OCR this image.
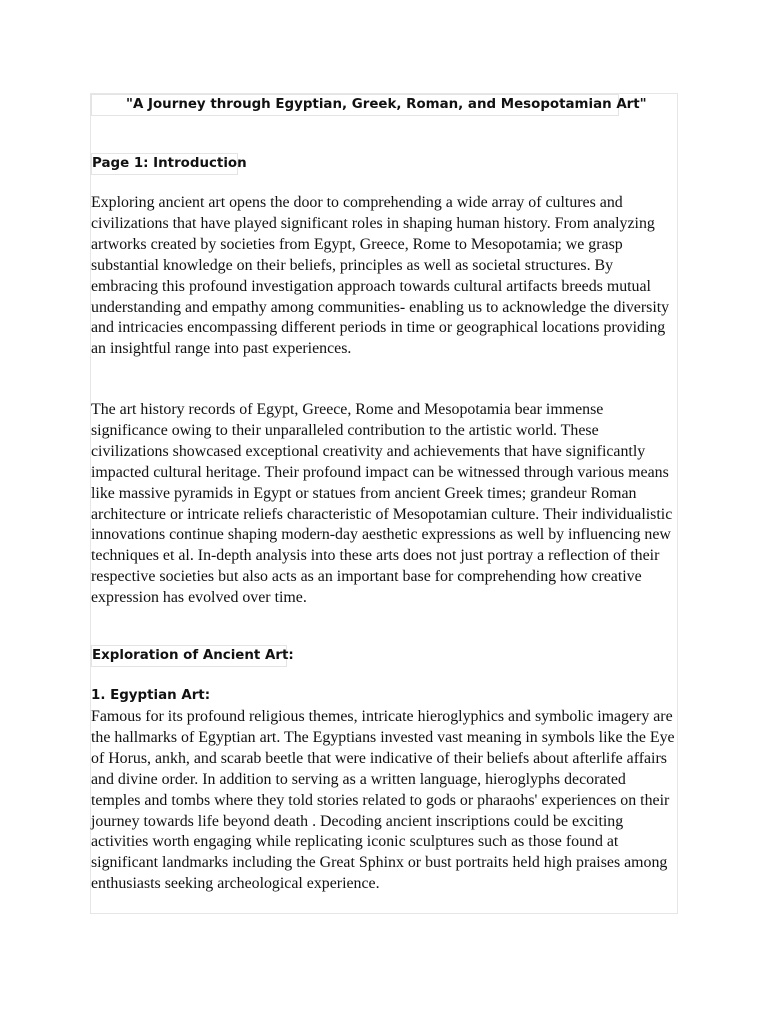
"A Journey through Egyptian, Greek, Roman, and Mesopotamian Art"
Page 1: Introduction

Exploring ancient art opens the door to comprehending a wide array of cultures and civilizations that have played significant roles in shaping human history. From analyzing artworks created by societies from Egypt, Greece, Rome to Mesopotamia; we grasp substantial knowledge on their beliefs, principles as well as societal structures. By embracing this profound investigation approach towards cultural artifacts breeds mutual understanding and empathy among communities- enabling us to acknowledge the diversity and intricacies encompassing different periods in time or geographical locations providing an insightful range into past experiences.

The art history records of Egypt, Greece, Rome and Mesopotamia bear immense significance owing to their unparalleled contribution to the artistic world. These civilizations showcased exceptional creativity and achievements that have significantly impacted cultural heritage. Their profound impact can be witnessed through various means like massive pyramids in Egypt or statues from ancient Greek times; grandeur Roman architecture or intricate reliefs characteristic of Mesopotamian culture. Their individualistic innovations continue shaping modern-day aesthetic expressions as well by influencing new techniques et al. In-depth analysis into these arts does not just portray a reflection of their respective societies but also acts as an important base for comprehending how creative expression has evolved over time.

Exploration of Ancient Art:
1. Egyptian Art:

Famous for its profound religious themes, intricate hieroglyphics and symbolic imagery are the hallmarks of Egyptian art. The Egyptians invested vast meaning in symbols like the Eye of Horus, ankh, and scarab beetle that were indicative of their beliefs about afterlife affairs and divine order. In addition to serving as a written language, hieroglyphs decorated temples and tombs where they told stories related to gods or pharaohs' experiences on their journey towards life beyond death . Decoding ancient inscriptions could be exciting activities worth engaging while replicating iconic sculptures such as those found at significant landmarks including the Great Sphinx or bust portraits held high praises among enthusiasts seeking archeological experience.
